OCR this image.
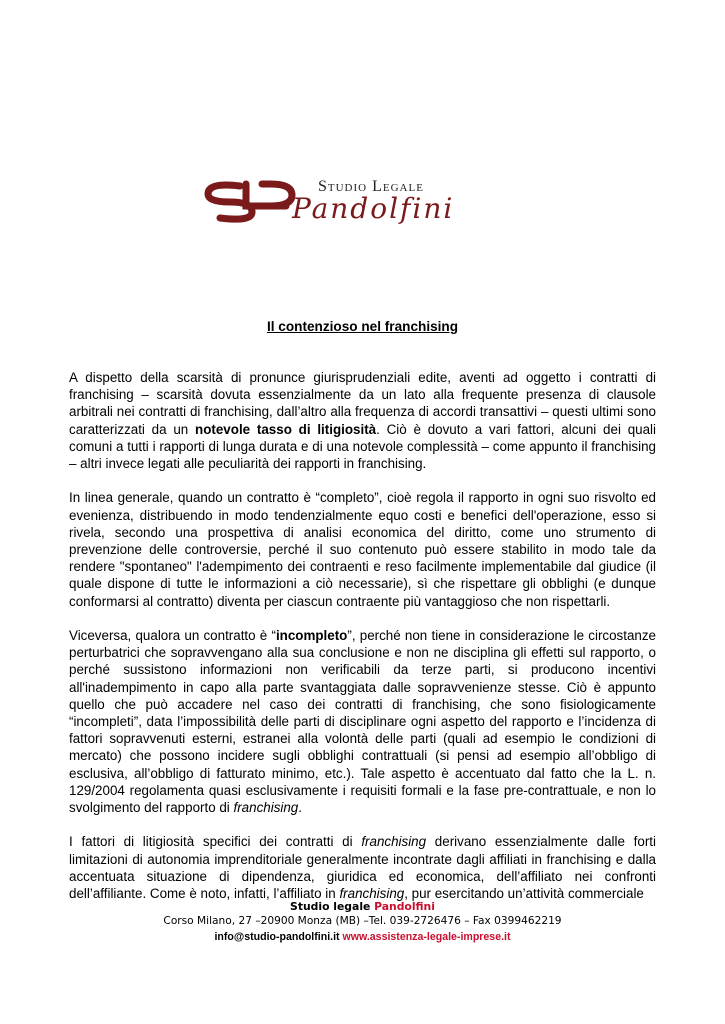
Studio Legale
Pandolfini
Il contenzioso nel franchising

A dispetto della scarsità di pronunce giurisprudenziali edite, aventi ad oggetto i contratti di franchising – scarsità dovuta essenzialmente da un lato alla frequente presenza di clausole arbitrali nei contratti di franchising, dall’altro alla frequenza di accordi transattivi – questi ultimi sono caratterizzati da un notevole tasso di litigiosità. Ciò è dovuto a vari fattori, alcuni dei quali comuni a tutti i rapporti di lunga durata e di una notevole complessità – come appunto il franchising – altri invece legati alle peculiarità dei rapporti in franchising.

In linea generale, quando un contratto è “completo”, cioè regola il rapporto in ogni suo risvolto ed evenienza, distribuendo in modo tendenzialmente equo costi e benefici dell'operazione, esso si rivela, secondo una prospettiva di analisi economica del diritto, come uno strumento di prevenzione delle controversie, perché il suo contenuto può essere stabilito in modo tale da rendere "spontaneo" l'adempimento dei contraenti e reso facilmente implementabile dal giudice (il quale dispone di tutte le informazioni a ciò necessarie), sì che rispettare gli obblighi (e dunque conformarsi al contratto) diventa per ciascun contraente più vantaggioso che non rispettarli.

Viceversa, qualora un contratto è “incompleto”, perché non tiene in considerazione le circostanze perturbatrici che sopravvengano alla sua conclusione e non ne disciplina gli effetti sul rapporto, o perché sussistono informazioni non verificabili da terze parti, si producono incentivi all'inadempimento in capo alla parte svantaggiata dalle sopravvenienze stesse. Ciò è appunto quello che può accadere nel caso dei contratti di franchising, che sono fisiologicamente “incompleti”, data l’impossibilità delle parti di disciplinare ogni aspetto del rapporto e l’incidenza di fattori sopravvenuti esterni, estranei alla volontà delle parti (quali ad esempio le condizioni di mercato) che possono incidere sugli obblighi contrattuali (si pensi ad esempio all’obbligo di esclusiva, all’obbligo di fatturato minimo, etc.). Tale aspetto è accentuato dal fatto che la L. n. 129/2004 regolamenta quasi esclusivamente i requisiti formali e la fase pre-contrattuale, e non lo svolgimento del rapporto di franchising.

I fattori di litigiosità specifici dei contratti di franchising derivano essenzialmente dalle forti limitazioni di autonomia imprenditoriale generalmente incontrate dagli affiliati in franchising e dalla accentuata situazione di dipendenza, giuridica ed economica, dell’affiliato nei confronti dell’affiliante. Come è noto, infatti, l’affiliato in franchising, pur esercitando un’attività commerciale

Studio legale Pandolfini
Corso Milano, 27 –20900 Monza (MB) –Tel. 039-2726476 – Fax 0399462219
info@studio-pandolfini.it www.assistenza-legale-imprese.it
